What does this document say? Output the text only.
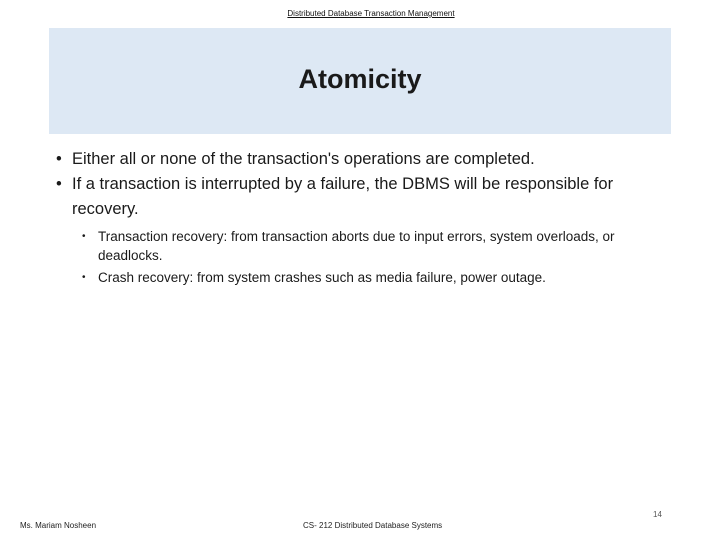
Distributed Database Transaction Management
Atomicity
• Either all or none of the transaction's operations are completed.
• If a transaction is interrupted by a failure, the DBMS will be responsible for recovery.
• Transaction recovery: from transaction aborts due to input errors, system overloads, or deadlocks.
• Crash recovery: from system crashes such as media failure, power outage.
Ms. Mariam Nosheen	CS- 212 Distributed Database Systems
14
